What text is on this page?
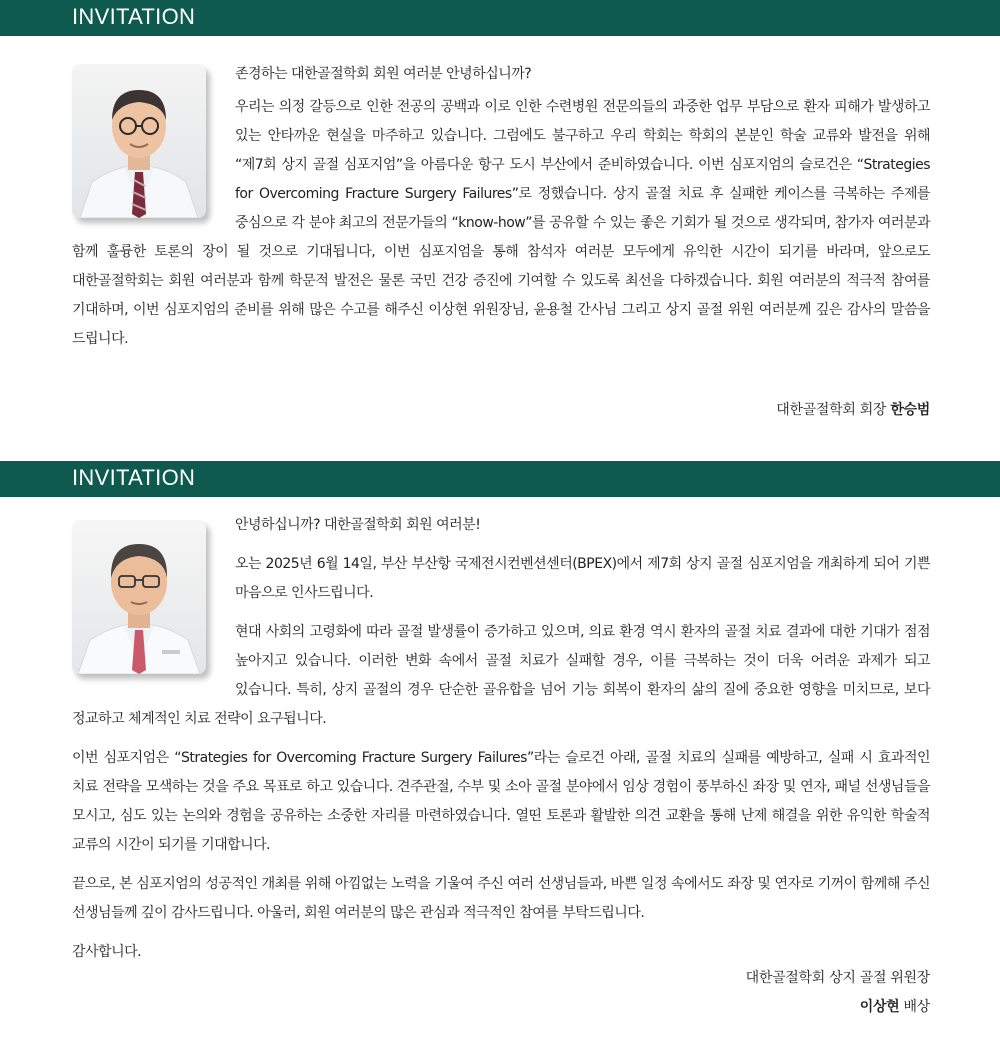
INVITATION

존경하는 대한골절학회 회원 여러분 안녕하십니까?

우리는 의정 갈등으로 인한 전공의 공백과 이로 인한 수련병원 전문의들의 과중한 업무 부담으로 환자 피해가 발생하고 있는 안타까운 현실을 마주하고 있습니다. 그럼에도 불구하고 우리 학회는 학회의 본분인 학술 교류와 발전을 위해 “제7회 상지 골절 심포지엄”을 아름다운 항구 도시 부산에서 준비하였습니다. 이번 심포지엄의 슬로건은 “Strategies for Overcoming Fracture Surgery Failures”로 정했습니다. 상지 골절 치료 후 실패한 케이스를 극복하는 주제를 중심으로 각 분야 최고의 전문가들의 “know-how”를 공유할 수 있는 좋은 기회가 될 것으로 생각되며, 참가자 여러분과 함께 훌륭한 토론의 장이 될 것으로 기대됩니다, 이번 심포지엄을 통해 참석자 여러분 모두에게 유익한 시간이 되기를 바라며, 앞으로도 대한골절학회는 회원 여러분과 함께 학문적 발전은 물론 국민 건강 증진에 기여할 수 있도록 최선을 다하겠습니다. 회원 여러분의 적극적 참여를 기대하며, 이번 심포지엄의 준비를 위해 많은 수고를 해주신 이상현 위원장님, 윤용철 간사님 그리고 상지 골절 위원 여러분께 깊은 감사의 말씀을 드립니다.

대한골절학회 회장 한승범
INVITATION

안녕하십니까? 대한골절학회 회원 여러분!

오는 2025년 6월 14일, 부산 부산항 국제전시컨벤션센터(BPEX)에서 제7회 상지 골절 심포지엄을 개최하게 되어 기쁜 마음으로 인사드립니다.

현대 사회의 고령화에 따라 골절 발생률이 증가하고 있으며, 의료 환경 역시 환자의 골절 치료 결과에 대한 기대가 점점 높아지고 있습니다. 이러한 변화 속에서 골절 치료가 실패할 경우, 이를 극복하는 것이 더욱 어려운 과제가 되고 있습니다. 특히, 상지 골절의 경우 단순한 골유합을 넘어 기능 회복이 환자의 삶의 질에 중요한 영향을 미치므로, 보다 정교하고 체계적인 치료 전략이 요구됩니다.

이번 심포지엄은 “Strategies for Overcoming Fracture Surgery Failures”라는 슬로건 아래, 골절 치료의 실패를 예방하고, 실패 시 효과적인 치료 전략을 모색하는 것을 주요 목표로 하고 있습니다. 견주관절, 수부 및 소아 골절 분야에서 임상 경험이 풍부하신 좌장 및 연자, 패널 선생님들을 모시고, 심도 있는 논의와 경험을 공유하는 소중한 자리를 마련하였습니다. 열띤 토론과 활발한 의견 교환을 통해 난제 해결을 위한 유익한 학술적 교류의 시간이 되기를 기대합니다.

끝으로, 본 심포지엄의 성공적인 개최를 위해 아낌없는 노력을 기울여 주신 여러 선생님들과, 바쁜 일정 속에서도 좌장 및 연자로 기꺼이 함께해 주신 선생님들께 깊이 감사드립니다. 아울러, 회원 여러분의 많은 관심과 적극적인 참여를 부탁드립니다.

감사합니다.

대한골절학회 상지 골절 위원장
이상현 배상
